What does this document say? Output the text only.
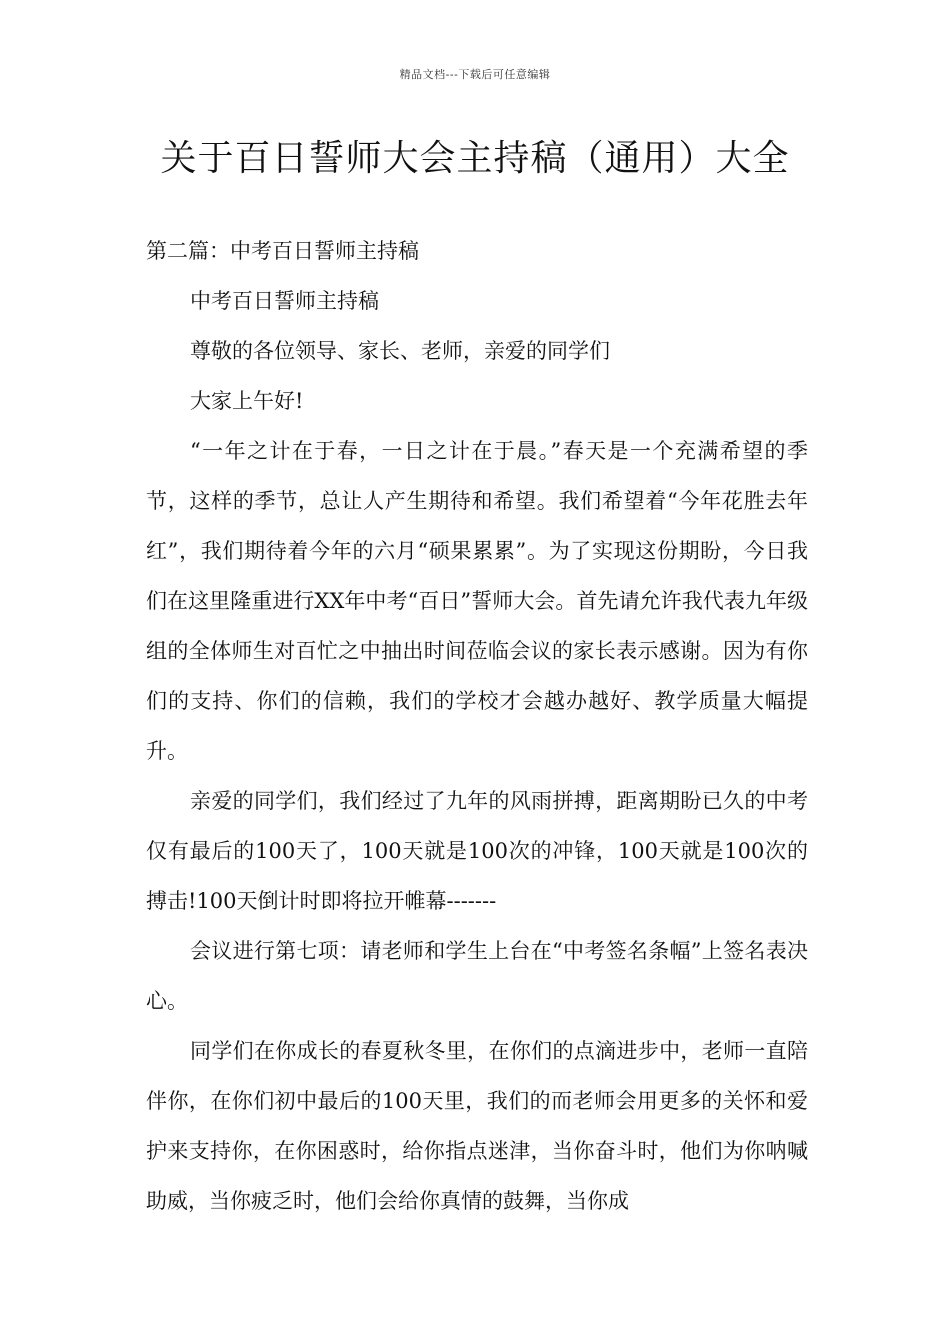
精品文档---下载后可任意编辑
关于百日誓师大会主持稿（通用）大全

第二篇：中考百日誓师主持稿

中考百日誓师主持稿

尊敬的各位领导、家长、老师，亲爱的同学们

大家上午好!

“一年之计在于春，一日之计在于晨。”春天是一个充满希望的季节，这样的季节，总让人产生期待和希望。我们希望着“今年花胜去年红”，我们期待着今年的六月“硕果累累”。为了实现这份期盼，今日我们在这里隆重进行XX年中考“百日”誓师大会。首先请允许我代表九年级组的全体师生对百忙之中抽出时间莅临会议的家长表示感谢。因为有你们的支持、你们的信赖，我们的学校才会越办越好、教学质量大幅提升。

亲爱的同学们，我们经过了九年的风雨拼搏，距离期盼已久的中考仅有最后的100天了，100天就是100次的冲锋，100天就是100次的搏击!100天倒计时即将拉开帷幕-------

会议进行第七项：请老师和学生上台在“中考签名条幅”上签名表决心。

同学们在你成长的春夏秋冬里，在你们的点滴进步中，老师一直陪伴你，在你们初中最后的100天里，我们的而老师会用更多的关怀和爱护来支持你，在你困惑时，给你指点迷津，当你奋斗时，他们为你呐喊助威，当你疲乏时，他们会给你真情的鼓舞，当你成
